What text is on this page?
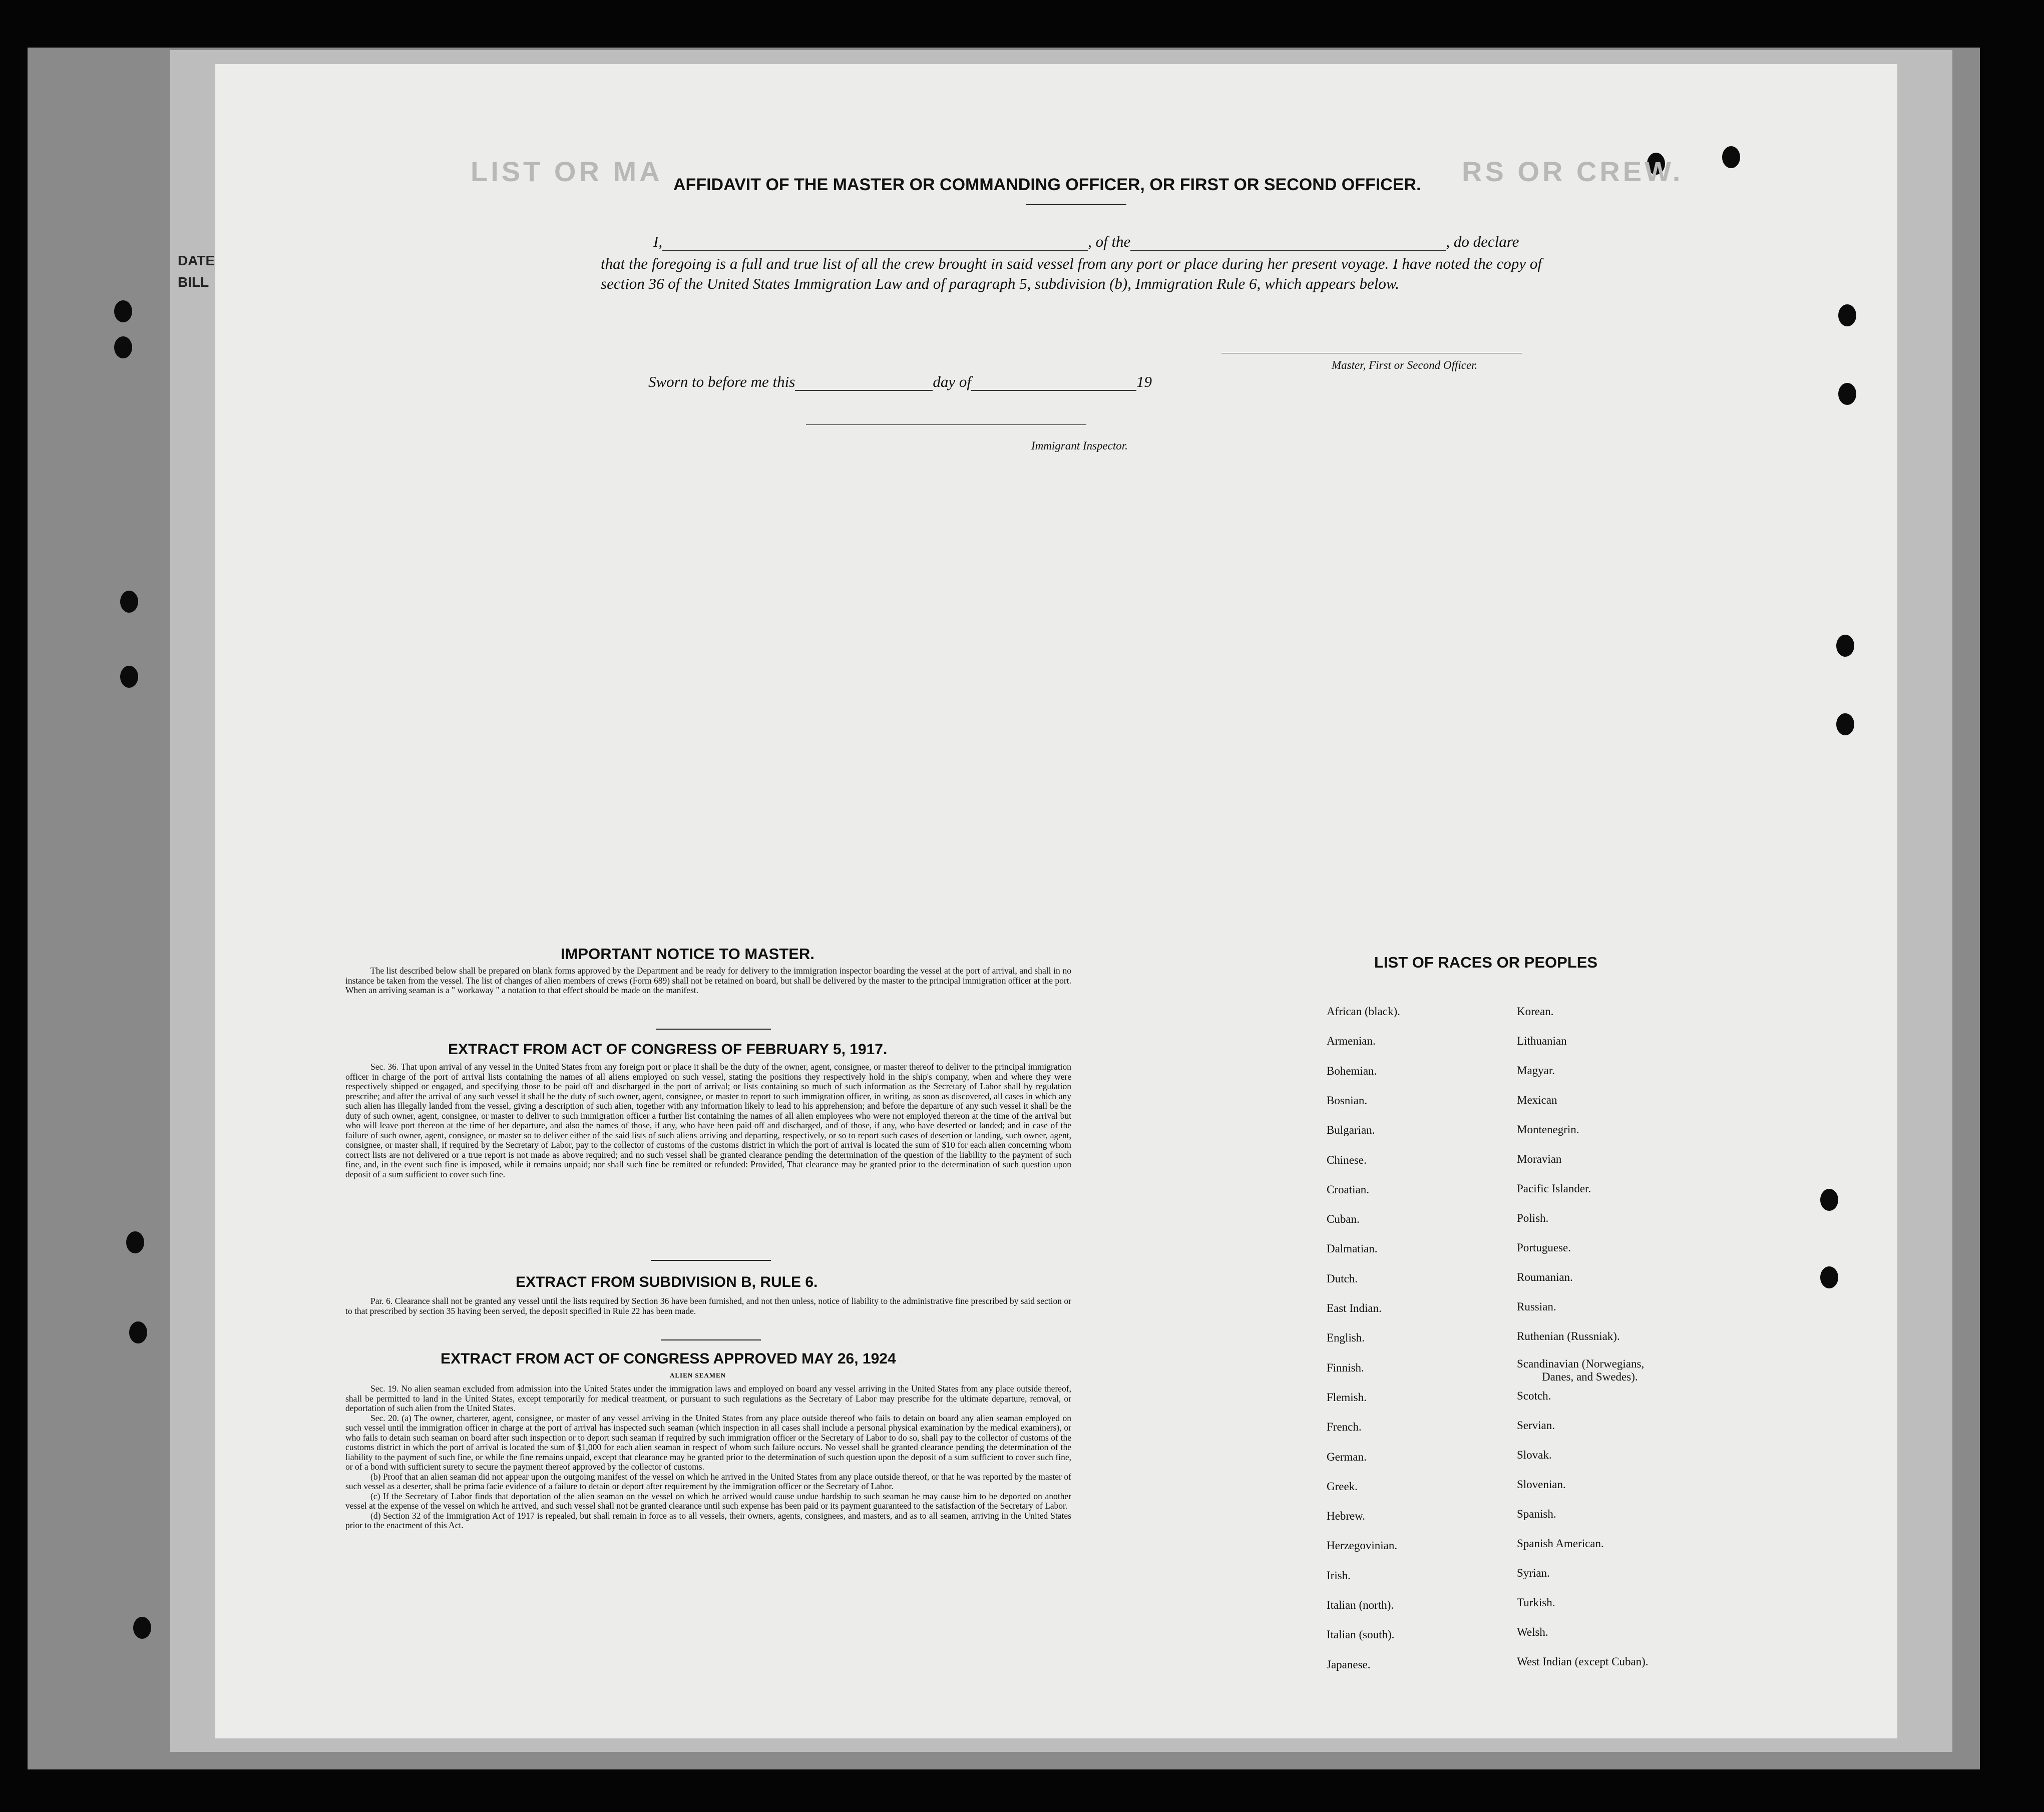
DATE
BILL
LIST OR MA	RS OR CREW.
AFFIDAVIT OF THE MASTER OR COMMANDING OFFICER, OR FIRST OR SECOND OFFICER.
I,	, of the	, do declare
that the foregoing is a full and true list of all the crew brought in said vessel from any port or place during her present voyage. I have noted the copy of section 36 of the United States Immigration Law and of paragraph 5, subdivision (b), Immigration Rule 6, which appears below.
Master, First or Second Officer.
Sworn to before me this	day of	19
Immigrant Inspector.
IMPORTANT NOTICE TO MASTER.

The list described below shall be prepared on blank forms approved by the Department and be ready for delivery to the immigration inspector boarding the vessel at the port of arrival, and shall in no instance be taken from the vessel. The list of changes of alien members of crews (Form 689) shall not be retained on board, but shall be delivered by the master to the principal immigration officer at the port. When an arriving seaman is a " workaway " a notation to that effect should be made on the manifest.

EXTRACT FROM ACT OF CONGRESS OF FEBRUARY 5, 1917.

Sec. 36. That upon arrival of any vessel in the United States from any foreign port or place it shall be the duty of the owner, agent, consignee, or master thereof to deliver to the principal immigration officer in charge of the port of arrival lists containing the names of all aliens employed on such vessel, stating the positions they respectively hold in the ship's company, when and where they were respectively shipped or engaged, and specifying those to be paid off and discharged in the port of arrival; or lists containing so much of such information as the Secretary of Labor shall by regulation prescribe; and after the arrival of any such vessel it shall be the duty of such owner, agent, consignee, or master to report to such immigration officer, in writing, as soon as discovered, all cases in which any such alien has illegally landed from the vessel, giving a description of such alien, together with any information likely to lead to his apprehension; and before the departure of any such vessel it shall be the duty of such owner, agent, consignee, or master to deliver to such immigration officer a further list containing the names of all alien employees who were not employed thereon at the time of the arrival but who will leave port thereon at the time of her departure, and also the names of those, if any, who have been paid off and discharged, and of those, if any, who have deserted or landed; and in case of the failure of such owner, agent, consignee, or master so to deliver either of the said lists of such aliens arriving and departing, respectively, or so to report such cases of desertion or landing, such owner, agent, consignee, or master shall, if required by the Secretary of Labor, pay to the collector of customs of the customs district in which the port of arrival is located the sum of $10 for each alien concerning whom correct lists are not delivered or a true report is not made as above required; and no such vessel shall be granted clearance pending the determination of the question of the liability to the payment of such fine, and, in the event such fine is imposed, while it remains unpaid; nor shall such fine be remitted or refunded: Provided, That clearance may be granted prior to the determination of such question upon deposit of a sum sufficient to cover such fine.

EXTRACT FROM SUBDIVISION B, RULE 6.

Par. 6. Clearance shall not be granted any vessel until the lists required by Section 36 have been furnished, and not then unless, notice of liability to the administrative fine prescribed by said section or to that prescribed by section 35 having been served, the deposit specified in Rule 22 has been made.

EXTRACT FROM ACT OF CONGRESS APPROVED MAY 26, 1924
ALIEN SEAMEN

Sec. 19. No alien seaman excluded from admission into the United States under the immigration laws and employed on board any vessel arriving in the United States from any place outside thereof, shall be permitted to land in the United States, except temporarily for medical treatment, or pursuant to such regulations as the Secretary of Labor may prescribe for the ultimate departure, removal, or deportation of such alien from the United States.

Sec. 20. (a) The owner, charterer, agent, consignee, or master of any vessel arriving in the United States from any place outside thereof who fails to detain on board any alien seaman employed on such vessel until the immigration officer in charge at the port of arrival has inspected such seaman (which inspection in all cases shall include a personal physical examination by the medical examiners), or who fails to detain such seaman on board after such inspection or to deport such seaman if required by such immigration officer or the Secretary of Labor to do so, shall pay to the collector of customs of the customs district in which the port of arrival is located the sum of $1,000 for each alien seaman in respect of whom such failure occurs. No vessel shall be granted clearance pending the determination of the liability to the payment of such fine, or while the fine remains unpaid, except that clearance may be granted prior to the determination of such question upon the deposit of a sum sufficient to cover such fine, or of a bond with sufficient surety to secure the payment thereof approved by the collector of customs.

(b) Proof that an alien seaman did not appear upon the outgoing manifest of the vessel on which he arrived in the United States from any place outside thereof, or that he was reported by the master of such vessel as a deserter, shall be prima facie evidence of a failure to detain or deport after requirement by the immigration officer or the Secretary of Labor.

(c) If the Secretary of Labor finds that deportation of the alien seaman on the vessel on which he arrived would cause undue hardship to such seaman he may cause him to be deported on another vessel at the expense of the vessel on which he arrived, and such vessel shall not be granted clearance until such expense has been paid or its payment guaranteed to the satisfaction of the Secretary of Labor.

(d) Section 32 of the Immigration Act of 1917 is repealed, but shall remain in force as to all vessels, their owners, agents, consignees, and masters, and as to all seamen, arriving in the United States prior to the enactment of this Act.

LIST OF RACES OR PEOPLES
African (black).
Armenian.
Bohemian.
Bosnian.
Bulgarian.
Chinese.
Croatian.
Cuban.
Dalmatian.
Dutch.
East Indian.
English.
Finnish.
Flemish.
French.
German.
Greek.
Hebrew.
Herzegovinian.
Irish.
Italian (north).
Italian (south).
Japanese.
Korean.
Lithuanian
Magyar.
Mexican
Montenegrin.
Moravian
Pacific Islander.
Polish.
Portuguese.
Roumanian.
Russian.
Ruthenian (Russniak).
Scandinavian (Norwegians,
Scotch.
Servian.
Slovak.
Slovenian.
Spanish.
Spanish American.
Syrian.
Turkish.
Welsh.
West Indian (except Cuban).
Danes, and Swedes).
